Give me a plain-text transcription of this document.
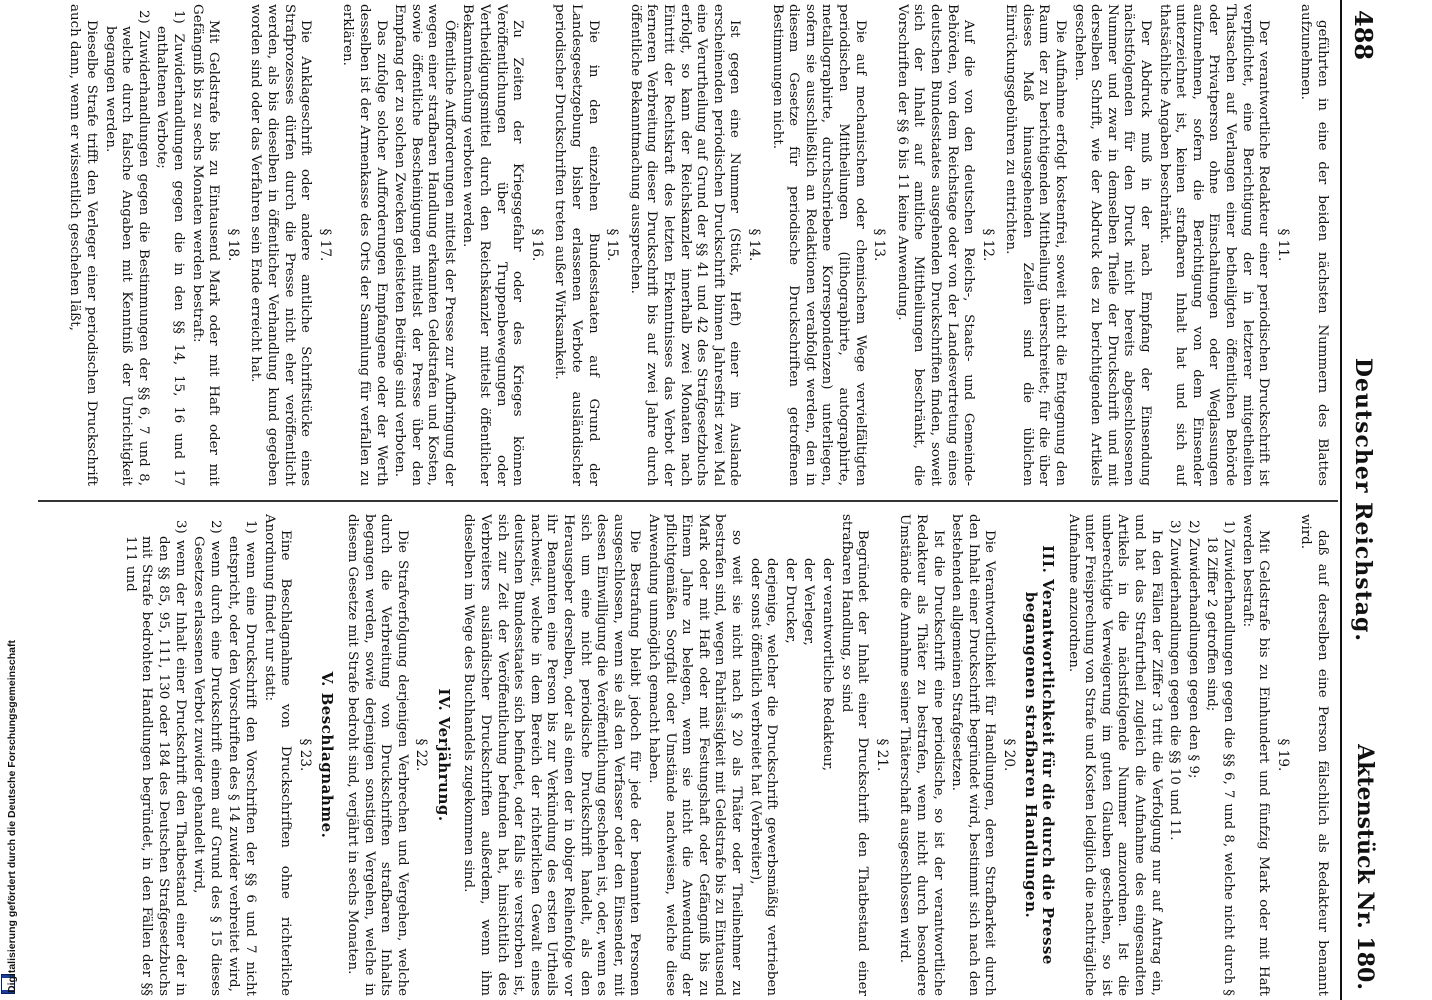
488
Deutscher Reichstag.
Aktenstück Nr. 180.

geführten in eine der beiden nächsten Nummern des Blattes aufzunehmen.

§ 11.

Der verantwortliche Redakteur einer periodischen Druckschrift ist verpflichtet, eine Berichtigung der in letzterer mitgetheilten Thatsachen auf Verlangen einer betheiligten öffentlichen Behörde oder Privatperson ohne Einschaltungen oder Weglassungen aufzunehmen, sofern die Berichtigung von dem Einsender unterzeichnet ist, keinen strafbaren Inhalt hat und sich auf thatsächliche Angaben beschränkt.

Der Abdruck muß in der nach Empfang der Einsendung nächstfolgenden für den Druck nicht bereits abgeschlossenen Nummer und zwar in demselben Theile der Druckschrift und mit derselben Schrift, wie der Abdruck des zu berichtigenden Artikels geschehen.

Die Aufnahme erfolgt kostenfrei, soweit nicht die Entgegnung den Raum der zu berichtigenden Mittheilung überschreitet; für die über dieses Maß hinausgehenden Zeilen sind die üblichen Einrückungsgebühren zu entrichten.

§ 12.

Auf die von den deutschen Reichs-, Staats- und Gemeinde-Behörden, von dem Reichstage oder von der Landesvertretung eines deutschen Bundesstaates ausgehenden Druckschriften finden, soweit sich der Inhalt auf amtliche Mittheilungen beschränkt, die Vorschriften der §§ 6 bis 11 keine Anwendung.

§ 13.

Die auf mechanischem oder chemischem Wege vervielfältigten periodischen Mittheilungen (lithographirte, autographirte, metallographirte, durchschriebene Korrespondenzen) unterliegen, sofern sie ausschließlich an Redaktionen verabfolgt werden, den in diesem Gesetze für periodische Druckschriften getroffenen Bestimmungen nicht.

§ 14.

Ist gegen eine Nummer (Stück, Heft) einer im Auslande erscheinenden periodischen Druckschrift binnen Jahresfrist zwei Mal eine Verurtheilung auf Grund der §§ 41 und 42 des Strafgesetzbuchs erfolgt, so kann der Reichskanzler innerhalb zwei Monaten nach Eintritt der Rechtskraft des letzten Erkenntnisses das Verbot der ferneren Verbreitung dieser Druckschrift bis auf zwei Jahre durch öffentliche Bekanntmachung aussprechen.

§ 15.

Die in den einzelnen Bundesstaaten auf Grund der Landesgesetzgebung bisher erlassenen Verbote ausländischer periodischer Druckschriften treten außer Wirksamkeit.

§ 16.

Zu Zeiten der Kriegsgefahr oder des Krieges können Veröffentlichungen über Truppenbewegungen oder Vertheidigungsmittel durch den Reichskanzler mittelst öffentlicher Bekanntmachung verboten werden.

Öffentliche Aufforderungen mittelst der Presse zur Aufbringung der wegen einer strafbaren Handlung erkannten Geldstrafen und Kosten, sowie öffentliche Bescheinigungen mittelst der Presse über den Empfang der zu solchen Zwecken geleisteten Beiträge sind verboten.

Das zufolge solcher Aufforderungen Empfangene oder der Werth desselben ist der Armenkasse des Orts der Sammlung für verfallen zu erklären.

§ 17.

Die Anklageschrift oder andere amtliche Schriftstücke eines Strafprozesses dürfen durch die Presse nicht eher veröffentlicht werden, als bis dieselben in öffentlicher Verhandlung kund gegeben worden sind oder das Verfahren sein Ende erreicht hat.

§ 18.

Mit Geldstrafe bis zu Eintausend Mark oder mit Haft oder mit Gefängniß bis zu sechs Monaten werden bestraft:

1) Zuwiderhandlungen gegen die in den §§ 14, 15, 16 und 17 enthaltenen Verbote;

2) Zuwiderhandlungen gegen die Bestimmungen der §§ 6, 7 und 8, welche durch falsche Angaben mit Kenntniß der Unrichtigkeit begangen werden.

Dieselbe Strafe trifft den Verleger einer periodischen Druckschrift auch dann, wenn er wissentlich geschehen läßt,

daß auf derselben eine Person fälschlich als Redakteur benannt wird.

§ 19.

Mit Geldstrafe bis zu Einhundert und fünfzig Mark oder mit Haft werden bestraft:

1) Zuwiderhandlungen gegen die §§ 6, 7 und 8, welche nicht durch § 18 Ziffer 2 getroffen sind;

2) Zuwiderhandlungen gegen den § 9;

3) Zuwiderhandlungen gegen die §§ 10 und 11.

In den Fällen der Ziffer 3 tritt die Verfolgung nur auf Antrag ein, und hat das Strafurtheil zugleich die Aufnahme des eingesandten Artikels in die nächstfolgende Nummer anzuordnen. Ist die unberechtigte Verweigerung im guten Glauben geschehen, so ist unter Freisprechung von Strafe und Kosten lediglich die nachträgliche Aufnahme anzuordnen.

III. Verantwortlichkeit für die durch die Presse begangenen strafbaren Handlungen.

§ 20.

Die Verantwortlichkeit für Handlungen, deren Strafbarkeit durch den Inhalt einer Druckschrift begründet wird, bestimmt sich nach den bestehenden allgemeinen Strafgesetzen.

Ist die Druckschrift eine periodische, so ist der verantwortliche Redakteur als Thäter zu bestrafen, wenn nicht durch besondere Umstände die Annahme seiner Thäterschaft ausgeschlossen wird.

§ 21.

Begründet der Inhalt einer Druckschrift den Thatbestand einer strafbaren Handlung, so sind

der verantwortliche Redakteur,

der Verleger,

der Drucker,

derjenige, welcher die Druckschrift gewerbsmäßig vertrieben oder sonst öffentlich verbreitet hat (Verbreiter),

so weit sie nicht nach § 20 als Thäter oder Theilnehmer zu bestrafen sind, wegen Fahrlässigkeit mit Geldstrafe bis zu Eintausend Mark oder mit Haft oder mit Festungshaft oder Gefängniß bis zu Einem Jahre zu belegen, wenn sie nicht die Anwendung der pflichtgemäßen Sorgfalt oder Umstände nachweisen, welche diese Anwendung unmöglich gemacht haben.

Die Bestrafung bleibt jedoch für jede der benannten Personen ausgeschlossen, wenn sie als den Verfasser oder den Einsender, mit dessen Einwilligung die Veröffentlichung geschehen ist, oder, wenn es sich um eine nicht periodische Druckschrift handelt, als den Herausgeber derselben, oder als einen der in obiger Reihenfolge vor ihr Benannten eine Person bis zur Verkündung des ersten Urtheils nachweist, welche in dem Bereich der richterlichen Gewalt eines deutschen Bundesstaates sich befindet, oder falls sie verstorben ist, sich zur Zeit der Veröffentlichung befunden hat, hinsichtlich des Verbreiters ausländischer Druckschriften außerdem, wenn ihm dieselben im Wege des Buchhandels zugekommen sind.

IV. Verjährung.

§ 22.

Die Strafverfolgung derjenigen Verbrechen und Vergehen, welche durch die Verbreitung von Druckschriften strafbaren Inhalts begangen werden, sowie derjenigen sonstigen Vergehen, welche in diesem Gesetze mit Strafe bedroht sind, verjährt in sechs Monaten.

V. Beschlagnahme.

§ 23.

Eine Beschlagnahme von Druckschriften ohne richterliche Anordnung findet nur statt:

1) wenn eine Druckschrift den Vorschriften der §§ 6 und 7 nicht entspricht, oder den Vorschriften des § 14 zuwider verbreitet wird,

2) wenn durch eine Druckschrift einem auf Grund des § 15 dieses Gesetzes erlassenen Verbot zuwider gehandelt wird,

3) wenn der Inhalt einer Druckschrift den Thatbestand einer der in den §§ 85, 95, 111, 130 oder 184 des Deutschen Strafgesetzbuchs mit Strafe bedrohten Handlungen begründet, in den Fällen der §§ 111 und

Digitalisierung gefördert durch die Deutsche Forschungsgemeinschaft
